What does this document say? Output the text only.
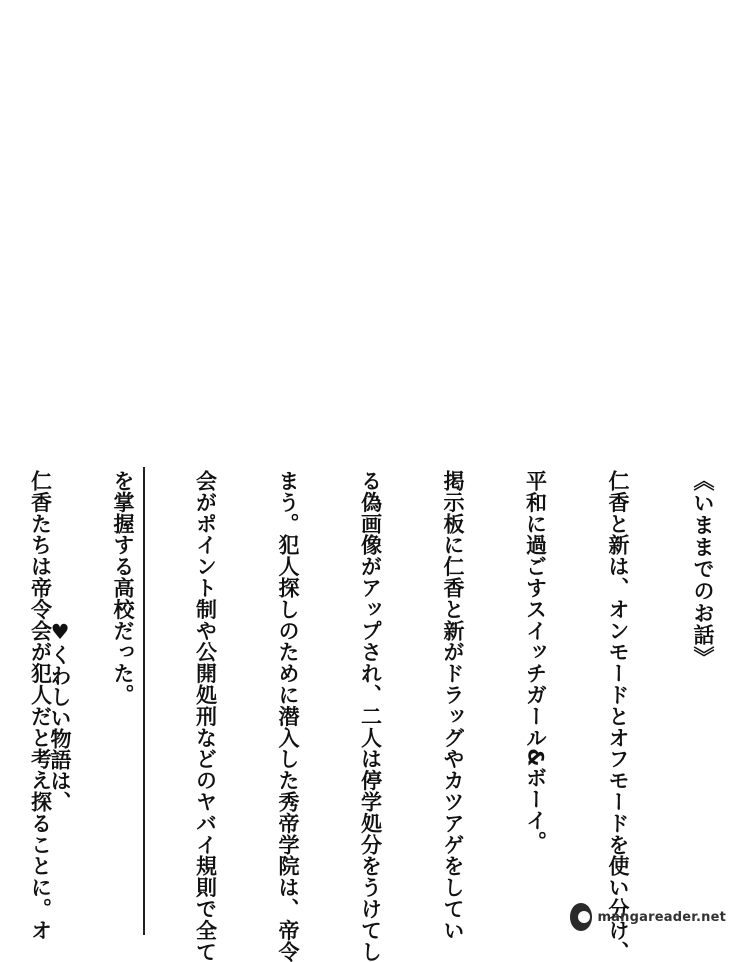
《いままでのお話》

仁香と新は、オンモードとオフモードを使い分け、

平和に過ごすスイッチガール&ボーイ。

掲示板に仁香と新がドラッグやカツアゲをしてい

る偽画像がアップされ、二人は停学処分をうけてし

まう。犯人探しのために潜入した秀帝学院は、帝令

会がポイント制や公開処刑などのヤバイ規則で全て

を掌握する高校だった。

仁香たちは帝令会が犯人だと考え探ることに。オ

♥くわしい物語は、

mangareader.net
